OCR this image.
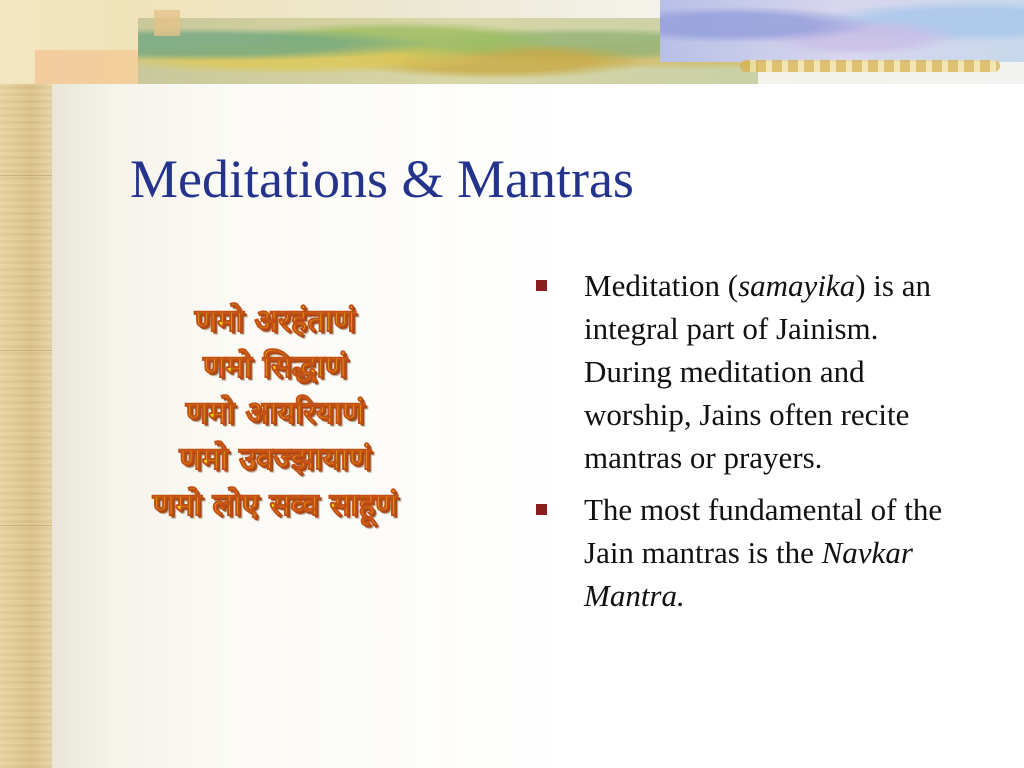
Meditations & Mantras
णमो अरहंताणं
णमो सिद्धाणं
णमो आयरियाणं
णमो उवज्झायाणं
णमो लोए सव्व साहूणं
Meditation (samayika) is an integral part of Jainism. During meditation and worship, Jains often recite mantras or prayers.
The most fundamental of the Jain mantras is the Navkar Mantra.
